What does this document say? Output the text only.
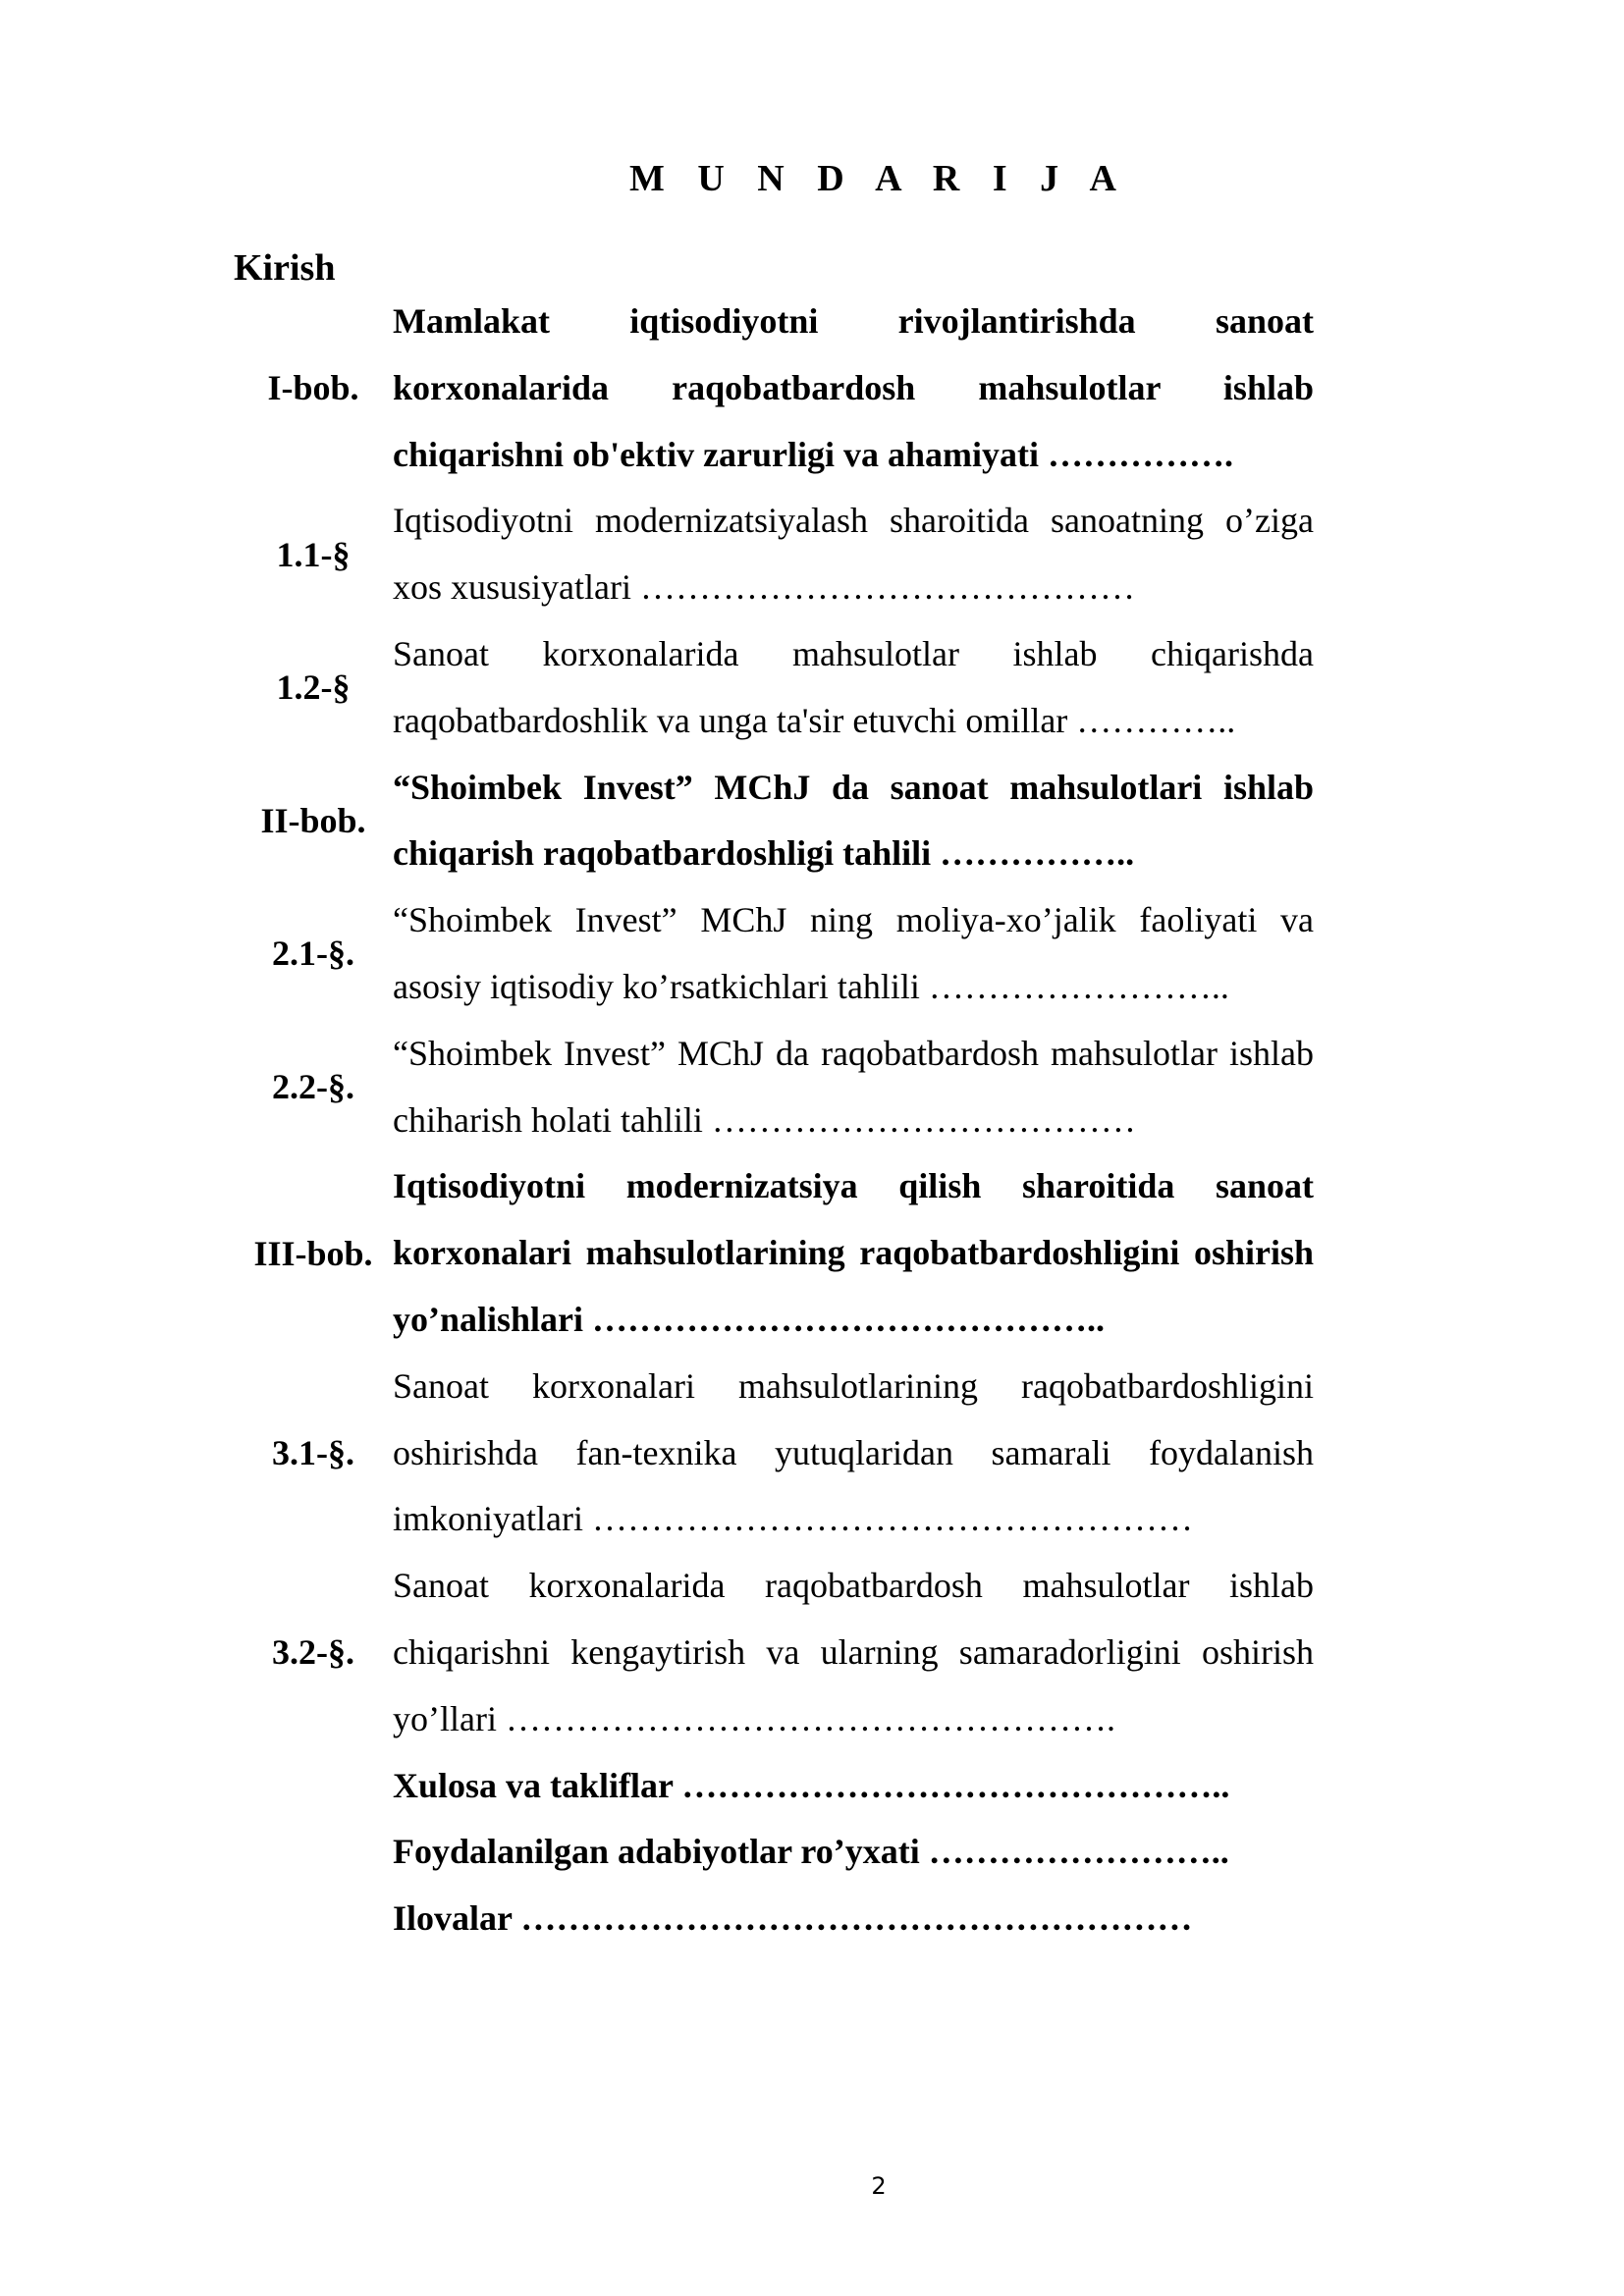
M U N D A R I J A
Kirish
I-bob.
Mamlakat iqtisodiyotni rivojlantirishda sanoat korxonalarida raqobatbardosh mahsulotlar ishlab chiqarishni ob'ektiv zarurligi va ahamiyati …………….
1.1-§
Iqtisodiyotni modernizatsiyalash sharoitida sanoatning o’ziga xos xususiyatlari ……………………………………
1.2-§
Sanoat korxonalarida mahsulotlar ishlab chiqarishda raqobatbardoshlik va unga ta'sir etuvchi omillar …………..
II-bob.
“Shoimbek Invest” MChJ da sanoat mahsulotlari ishlab chiqarish raqobatbardoshligi tahlili ……………..
2.1-§.
“Shoimbek Invest” MChJ ning moliya-xo’jalik faoliyati va asosiy iqtisodiy ko’rsatkichlari tahlili ……………………..
2.2-§.
“Shoimbek Invest” MChJ da raqobatbardosh mahsulotlar ishlab chiharish holati tahlili ………………………………
III-bob.
Iqtisodiyotni modernizatsiya qilish sharoitida sanoat korxonalari mahsulotlarining raqobatbardoshligini oshirish yo’nalishlari ……………………………………..
3.1-§.
Sanoat korxonalari mahsulotlarining raqobatbardoshligini oshirishda fan-texnika yutuqlaridan samarali foydalanish imkoniyatlari ……………………………………………
3.2-§.
Sanoat korxonalarida raqobatbardosh mahsulotlar ishlab chiqarishni kengaytirish va ularning samaradorligini oshirish yo’llari …………………………………………….
Xulosa va takliflar ………………………………………..
Foydalanilgan adabiyotlar ro’yxati ……………………..
Ilovalar …………………………………………………
2
